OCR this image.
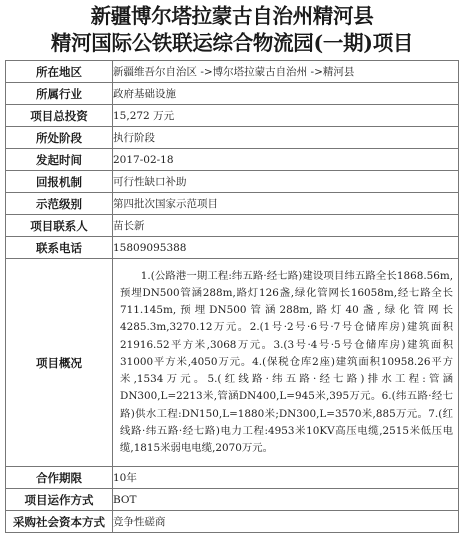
新疆博尔塔拉蒙古自治州精河县
精河国际公铁联运综合物流园(一期)项目
所在地区	新疆维吾尔自治区 ->博尔塔拉蒙古自治州 ->精河县
所属行业	政府基础设施
项目总投资	15,272 万元
所处阶段	执行阶段
发起时间	2017-02-18
回报机制	可行性缺口补助
示范级别	第四批次国家示范项目
项目联系人	苗长新
联系电话	15809095388
项目概况	1.(公路港一期工程:纬五路·经七路)建设项目纬五路全长1868.56m,预埋DN500管涵288m,路灯126盏,绿化管网长16058m,经七路全长711.145m,预埋DN500管涵288m,路灯40盏,绿化管网长4285.3m,3270.12万元。2.(1号·2号·6号·7号仓储库房)建筑面积21916.52平方米,3068万元。3.(3号·4号·5号仓储库房)建筑面积31000平方米,4050万元。4.(保税仓库2座)建筑面积10958.26平方米,1534万元。5.(红线路·纬五路·经七路)排水工程:管涵DN300,L=2213米,管涵DN400,L=945米,395万元。6.(纬五路·经七路)供水工程:DN150,L=1880米;DN300,L=3570米,885万元。7.(红线路·纬五路·经七路)电力工程:4953米10KV高压电缆,2515米低压电缆,1815米弱电电缆,2070万元。
合作期限	10年
项目运作方式	BOT
采购社会资本方式	竞争性磋商
